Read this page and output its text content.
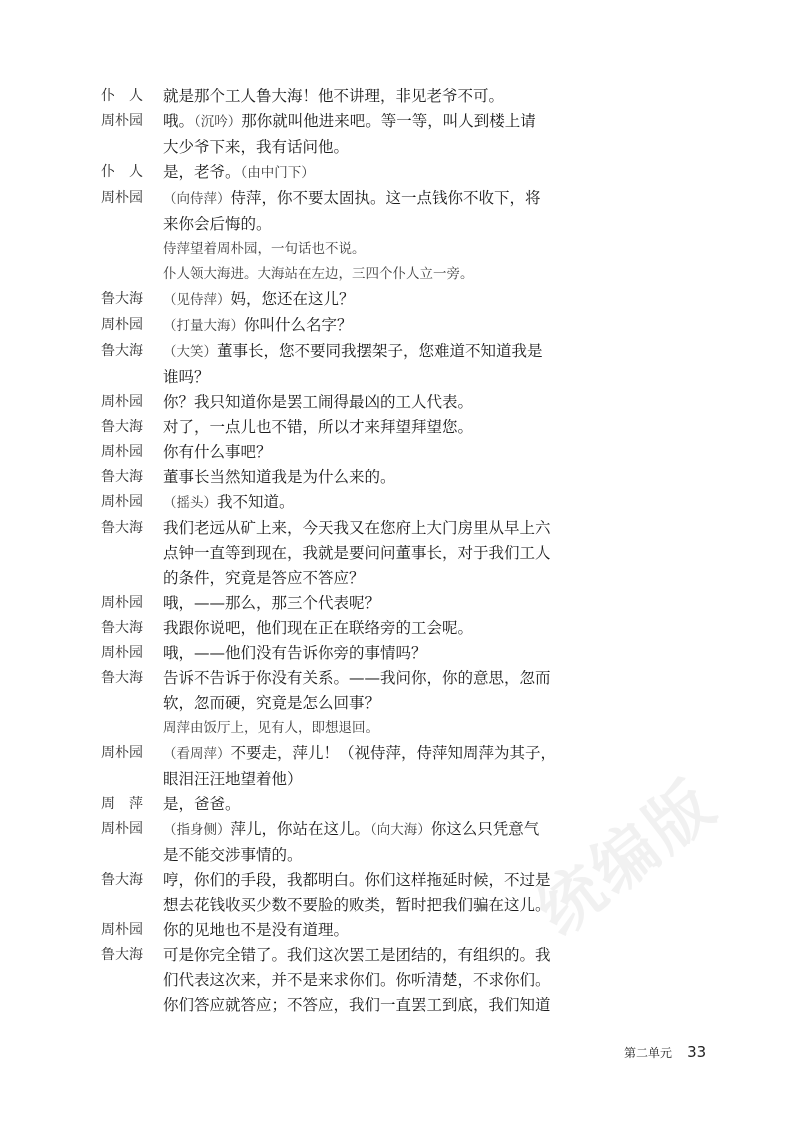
统编版
仆　人	就是那个工人鲁大海！他不讲理，非见老爷不可。
周朴园	哦。（沉吟）那你就叫他进来吧。等一等，叫人到楼上请
大少爷下来，我有话问他。
仆　人	是，老爷。（由中门下）
周朴园	（向侍萍）侍萍，你不要太固执。这一点钱你不收下，将
来你会后悔的。
侍萍望着周朴园，一句话也不说。
仆人领大海进。大海站在左边，三四个仆人立一旁。
鲁大海	（见侍萍）妈，您还在这儿？
周朴园	（打量大海）你叫什么名字？
鲁大海	（大笑）董事长，您不要同我摆架子，您难道不知道我是
谁吗？
周朴园	你？我只知道你是罢工闹得最凶的工人代表。
鲁大海	对了，一点儿也不错，所以才来拜望拜望您。
周朴园	你有什么事吧？
鲁大海	董事长当然知道我是为什么来的。
周朴园	（摇头）我不知道。
鲁大海	我们老远从矿上来，今天我又在您府上大门房里从早上六
点钟一直等到现在，我就是要问问董事长，对于我们工人
的条件，究竟是答应不答应？
周朴园	哦，——那么，那三个代表呢？
鲁大海	我跟你说吧，他们现在正在联络旁的工会呢。
周朴园	哦，——他们没有告诉你旁的事情吗？
鲁大海	告诉不告诉于你没有关系。——我问你，你的意思，忽而
软，忽而硬，究竟是怎么回事？
周萍由饭厅上，见有人，即想退回。
周朴园	（看周萍）不要走，萍儿！（视侍萍，侍萍知周萍为其子，
眼泪汪汪地望着他）
周　萍	是，爸爸。
周朴园	（指身侧）萍儿，你站在这儿。（向大海）你这么只凭意气
是不能交涉事情的。
鲁大海	哼，你们的手段，我都明白。你们这样拖延时候，不过是
想去花钱收买少数不要脸的败类，暂时把我们骗在这儿。
周朴园	你的见地也不是没有道理。
鲁大海	可是你完全错了。我们这次罢工是团结的，有组织的。我
们代表这次来，并不是来求你们。你听清楚，不求你们。
你们答应就答应；不答应，我们一直罢工到底，我们知道
第二单元 33
